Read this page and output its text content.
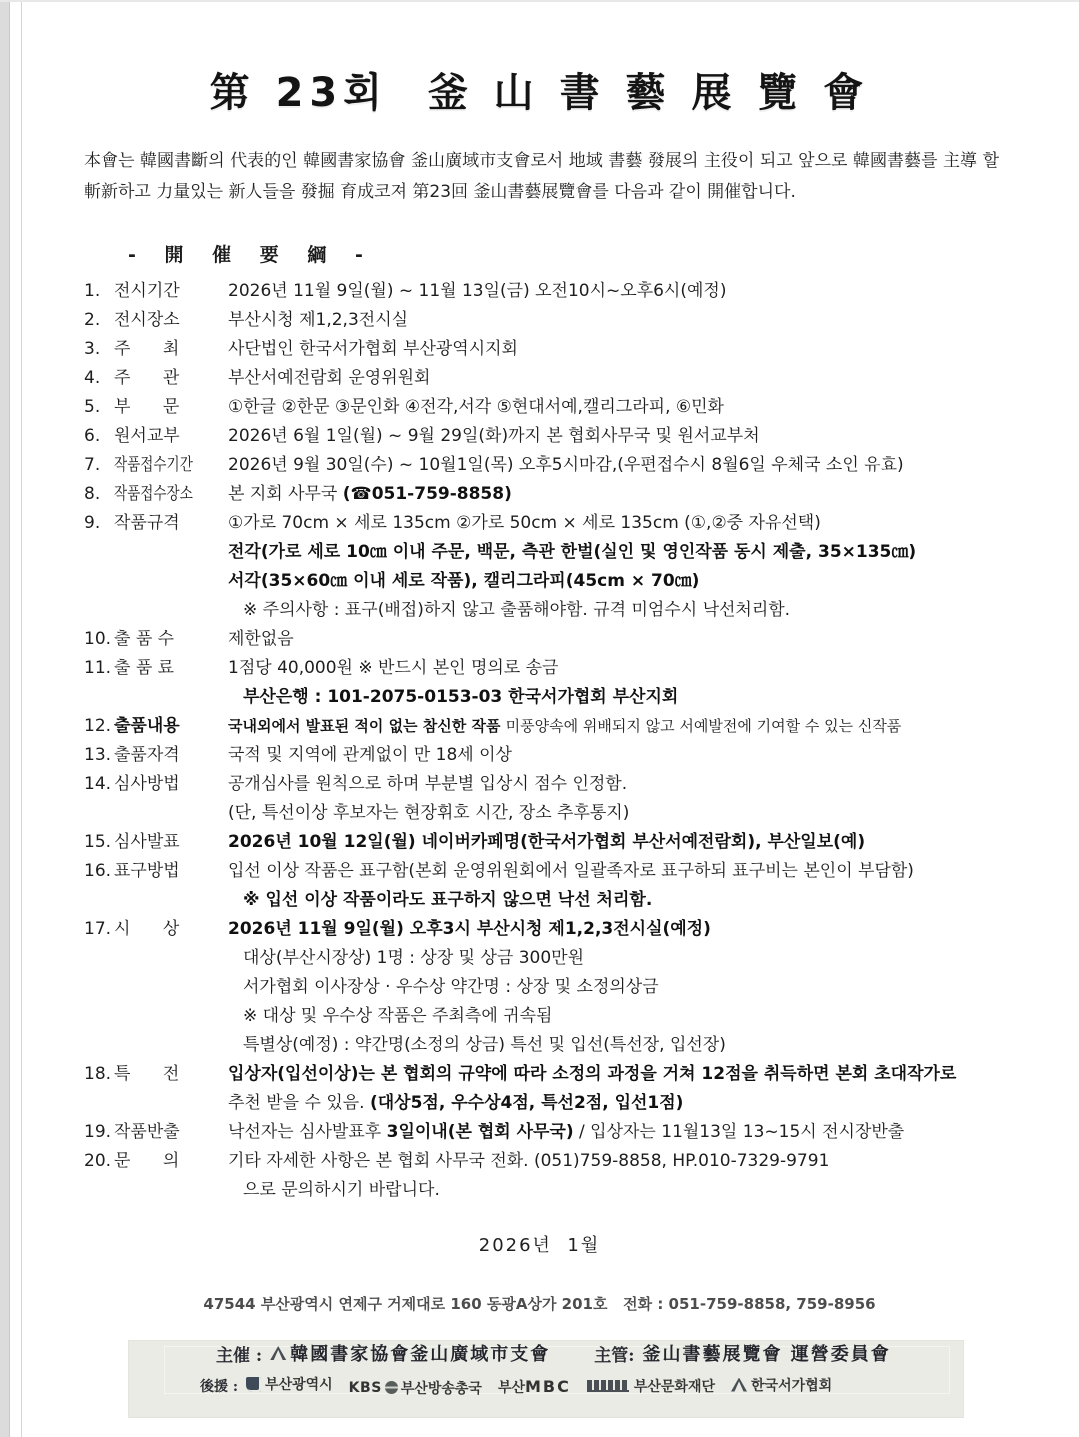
第 23회  釜 山 書 藝 展 覽 會

本會는 韓國書斷의 代表的인 韓國書家協會 釜山廣域市支會로서 地域 書藝 發展의 主役이 되고 앞으로 韓國書藝를 主導 할 斬新하고 力量있는 新人들을 發掘 育成코져 第23回 釜山書藝展覽會를 다음과 같이 開催합니다.

- 開 催 要 綱 -
1. 전시기간	2026년 11월 9일(월) ~ 11월 13일(금) 오전10시~오후6시(예정)
2. 전시장소	부산시청 제1,2,3전시실
3. 주      최	사단법인 한국서가협회 부산광역시지회
4. 주      관	부산서예전람회 운영위원회
5. 부      문	①한글 ②한문 ③문인화 ④전각,서각 ⑤현대서예,캘리그라피, ⑥민화
6. 원서교부	2026년 6월 1일(월) ~ 9월 29일(화)까지 본 협회사무국 및 원서교부처
7. 작품접수기간	2026년 9월 30일(수) ~ 10월1일(목) 오후5시마감,(우편접수시 8월6일 우체국 소인 유효)
8. 작품접수장소	본 지회 사무국 (☎051-759-8858)
9. 작품규격	①가로 70cm × 세로 135cm ②가로 50cm × 세로 135cm (①,②중 자유선택)
전각(가로 세로 10㎝ 이내 주문, 백문, 측관 한벌(실인 및 영인작품 동시 제출, 35×135㎝)
서각(35×60㎝ 이내 세로 작품), 캘리그라피(45cm × 70㎝)
※ 주의사항 : 표구(배접)하지 않고 출품해야함. 규격 미엄수시 낙선처리함.
10. 출 품 수	제한없음
11. 출 품 료	1점당 40,000원 ※ 반드시 본인 명의로 송금
부산은행 : 101-2075-0153-03 한국서가협회 부산지회
12. 출품내용	국내외에서 발표된 적이 없는 참신한 작품 미풍양속에 위배되지 않고 서예발전에 기여할 수 있는 신작품
13. 출품자격	국적 및 지역에 관계없이 만 18세 이상
14. 심사방법	공개심사를 원칙으로 하며 부분별 입상시 점수 인정함.
(단, 특선이상 후보자는 현장휘호 시간, 장소 추후통지)
15. 심사발표	2026년 10월 12일(월) 네이버카페명(한국서가협회 부산서예전람회), 부산일보(예)
16. 표구방법	입선 이상 작품은 표구함(본회 운영위원회에서 일괄족자로 표구하되 표구비는 본인이 부담함)
※ 입선 이상 작품이라도 표구하지 않으면 낙선 처리함.
17. 시      상	2026년 11월 9일(월) 오후3시 부산시청 제1,2,3전시실(예정)
대상(부산시장상) 1명 : 상장 및 상금 300만원
서가협회 이사장상 · 우수상 약간명 : 상장 및 소정의상금
※ 대상 및 우수상 작품은 주최측에 귀속됨
특별상(예정) : 약간명(소정의 상금) 특선 및 입선(특선장, 입선장)
18. 특      전	입상자(입선이상)는 본 협회의 규약에 따라 소정의 과정을 거쳐 12점을 취득하면 본회 초대작가로
추천 받을 수 있음. (대상5점, 우수상4점, 특선2점, 입선1점)
19. 작품반출	낙선자는 심사발표후 3일이내(본 협회 사무국) / 입상자는 11월13일 13~15시 전시장반출
20. 문      의	기타 자세한 사항은 본 협회 사무국 전화. (051)759-8858, HP.010-7329-9791
으로 문의하시기 바랍니다.
2026년  1월
47544 부산광역시 연제구 거제대로 160 동광A상가 201호   전화 : 051-759-8858, 759-8956
主催 : 韓國書家協會釜山廣域市支會	主管: 釜山書藝展覽會 運營委員會
後援 : 부산광역시 KBS 부산방송총국 부산 MBC	부산문화재단	한국서가협회
